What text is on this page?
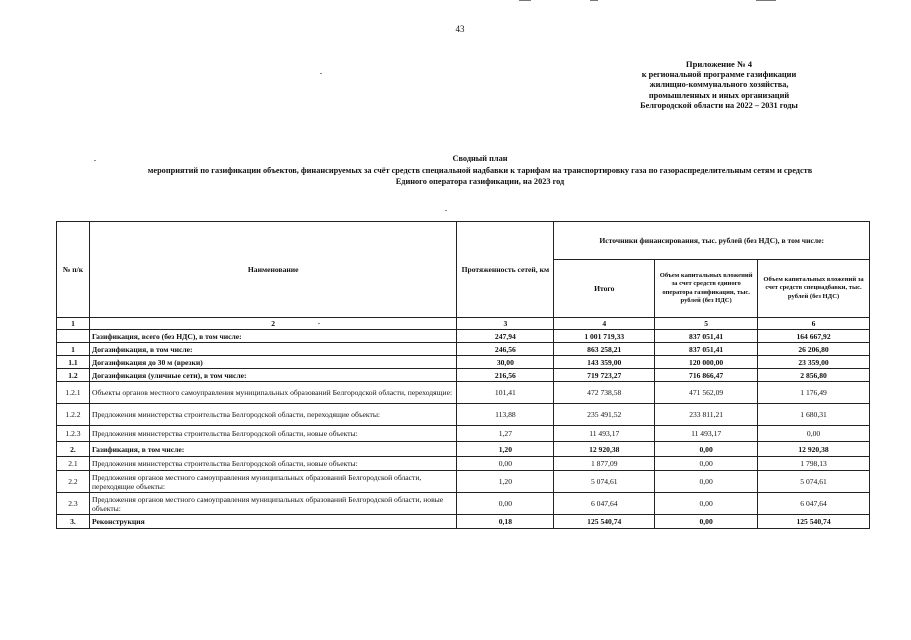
43
Приложение № 4
к региональной программе газификации
жилищно-коммунального хозяйства,
промышленных и иных организаций
Белгородской области на 2022 – 2031 годы
Сводный план
мероприятий по газификации объектов, финансируемых за счёт средств специальной надбавки к тарифам на транспортировку газа по газораспределительным сетям и средств
Единого оператора газификации, на 2023 год
№ п/к	Наименование	Протяженность сетей, км	Источники финансирования, тыс. рублей (без НДС), в том числе:		
			Итого	Объем капитальных вложений за счет средств единого оператора газификации, тыс. рублей (без НДС)	Объем капитальных вложений за счет средств спецнадбавки, тыс. рублей (без НДС)
1	2	3	4	5	6
	Газификация, всего (без НДС), в том числе:	247,94	1 001 719,33	837 051,41	164 667,92
1	Догазификация, в том числе:	246,56	863 258,21	837 051,41	26 206,80
1.1	Догазификация до 30 м (врезки)	30,00	143 359,00	120 000,00	23 359,00
1.2	Догазификация (уличные сети), в том числе:	216,56	719 723,27	716 866,47	2 856,80
1.2.1	Объекты органов местного самоуправления муниципальных образований Белгородской области, переходящие:	101,41	472 738,58	471 562,09	1 176,49
1.2.2	Предложения министерства строительства Белгородской области, переходящие объекты:	113,88	235 491,52	233 811,21	1 680,31
1.2.3	Предложения министерства строительства Белгородской области, новые объекты:	1,27	11 493,17	11 493,17	0,00
2.	Газификация, в том числе:	1,20	12 920,38	0,00	12 920,38
2.1	Предложения министерства строительства Белгородской области, новые объекты:	0,00	1 877,09	0,00	1 798,13
2.2	Предложения органов местного самоуправления муниципальных образований Белгородской области, переходящие объекты:	1,20	5 074,61	0,00	5 074,61
2.3	Предложения органов местного самоуправления муниципальных образований Белгородской области, новые объекты:	0,00	6 047,64	0,00	6 047,64
3.	Реконструкция	0,18	125 540,74	0,00	125 540,74
